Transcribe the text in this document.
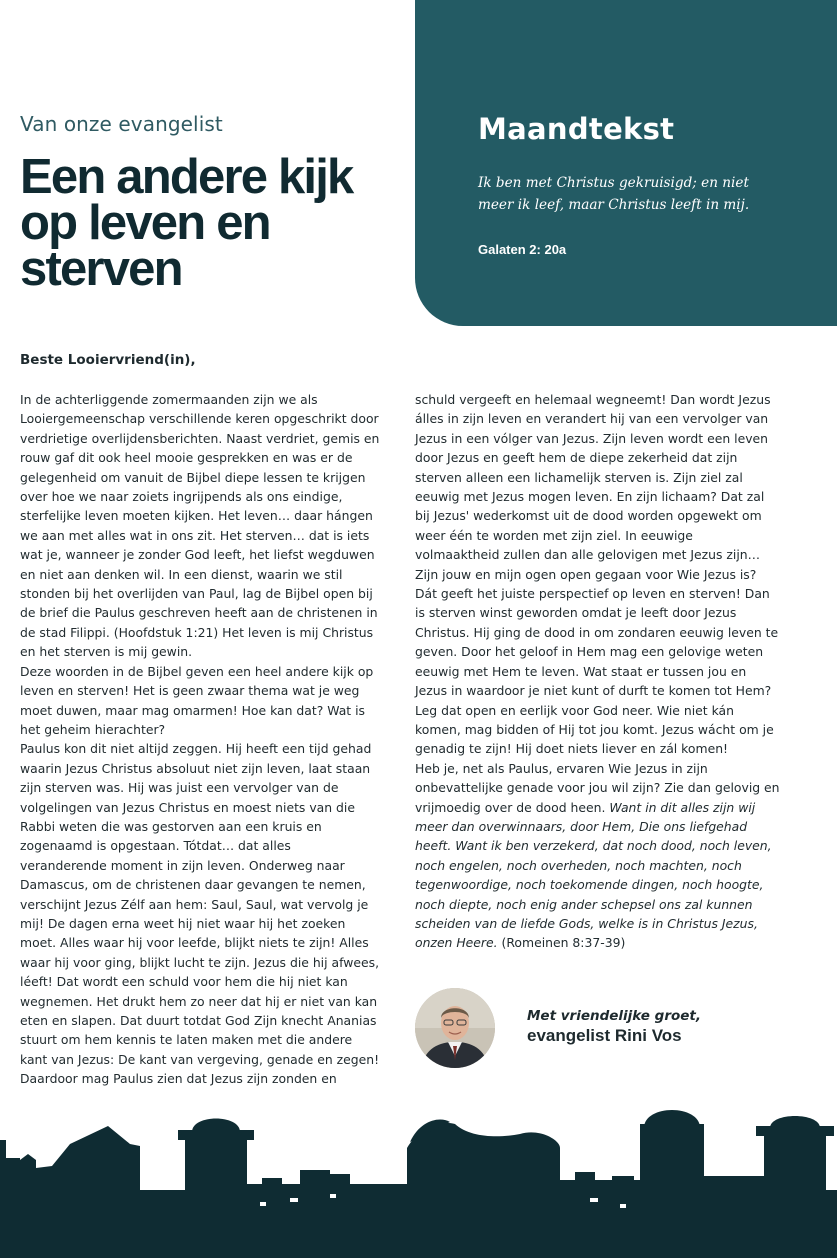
Van onze evangelist
Een andere kijk op leven en sterven
Maandtekst

Ik ben met Christus gekruisigd; en niet meer ik leef, maar Christus leeft in mij.

Galaten 2: 20a
Beste Looiervriend(in),

In de achterliggende zomermaanden zijn we als Looiergemeenschap verschillende keren opgeschrikt door verdrietige overlijdensberichten. Naast verdriet, gemis en rouw gaf dit ook heel mooie gesprekken en was er de gelegenheid om vanuit de Bijbel diepe lessen te krijgen over hoe we naar zoiets ingrijpends als ons eindige, sterfelijke leven moeten kijken. Het leven… daar hángen we aan met alles wat in ons zit. Het sterven… dat is iets wat je, wanneer je zonder God leeft, het liefst wegduwen en niet aan denken wil. In een dienst, waarin we stil stonden bij het overlijden van Paul, lag de Bijbel open bij de brief die Paulus geschreven heeft aan de christenen in de stad Filippi. (Hoofdstuk 1:21) Het leven is mij Christus en het sterven is mij gewin.

Deze woorden in de Bijbel geven een heel andere kijk op leven en sterven! Het is geen zwaar thema wat je weg moet duwen, maar mag omarmen! Hoe kan dat? Wat is het geheim hierachter?

Paulus kon dit niet altijd zeggen. Hij heeft een tijd gehad waarin Jezus Christus absoluut niet zijn leven, laat staan zijn sterven was. Hij was juist een vervolger van de volgelingen van Jezus Christus en moest niets van die Rabbi weten die was gestorven aan een kruis en zogenaamd is opgestaan. Tótdat… dat alles veranderende moment in zijn leven. Onderweg naar Damascus, om de christenen daar gevangen te nemen, verschijnt Jezus Zélf aan hem: Saul, Saul, wat vervolg je mij! De dagen erna weet hij niet waar hij het zoeken moet. Alles waar hij voor leefde, blijkt niets te zijn! Alles waar hij voor ging, blijkt lucht te zijn. Jezus die hij afwees, léeft! Dat wordt een schuld voor hem die hij niet kan wegnemen. Het drukt hem zo neer dat hij er niet van kan eten en slapen. Dat duurt totdat God Zijn knecht Ananias stuurt om hem kennis te laten maken met die andere kant van Jezus: De kant van vergeving, genade en zegen! Daardoor mag Paulus zien dat Jezus zijn zonden en

schuld vergeeft en helemaal wegneemt! Dan wordt Jezus álles in zijn leven en verandert hij van een vervolger van Jezus in een vólger van Jezus. Zijn leven wordt een leven door Jezus en geeft hem de diepe zekerheid dat zijn sterven alleen een lichamelijk sterven is. Zijn ziel zal eeuwig met Jezus mogen leven. En zijn lichaam? Dat zal bij Jezus' wederkomst uit de dood worden opgewekt om weer één te worden met zijn ziel. In eeuwige volmaaktheid zullen dan alle gelovigen met Jezus zijn…

Zijn jouw en mijn ogen open gegaan voor Wie Jezus is? Dát geeft het juiste perspectief op leven en sterven! Dan is sterven winst geworden omdat je leeft door Jezus Christus. Hij ging de dood in om zondaren eeuwig leven te geven. Door het geloof in Hem mag een gelovige weten eeuwig met Hem te leven. Wat staat er tussen jou en Jezus in waardoor je niet kunt of durft te komen tot Hem? Leg dat open en eerlijk voor God neer. Wie niet kán komen, mag bidden of Hij tot jou komt. Jezus wácht om je genadig te zijn! Hij doet niets liever en zál komen!

Heb je, net als Paulus, ervaren Wie Jezus in zijn onbevattelijke genade voor jou wil zijn? Zie dan gelovig en vrijmoedig over de dood heen. Want in dit alles zijn wij meer dan overwinnaars, door Hem, Die ons liefgehad heeft. Want ik ben verzekerd, dat noch dood, noch leven, noch engelen, noch overheden, noch machten, noch tegenwoordige, noch toekomende dingen, noch hoogte, noch diepte, noch enig ander schepsel ons zal kunnen scheiden van de liefde Gods, welke is in Christus Jezus, onzen Heere. (Romeinen 8:37-39)

Met vriendelijke groet,
evangelist Rini Vos
